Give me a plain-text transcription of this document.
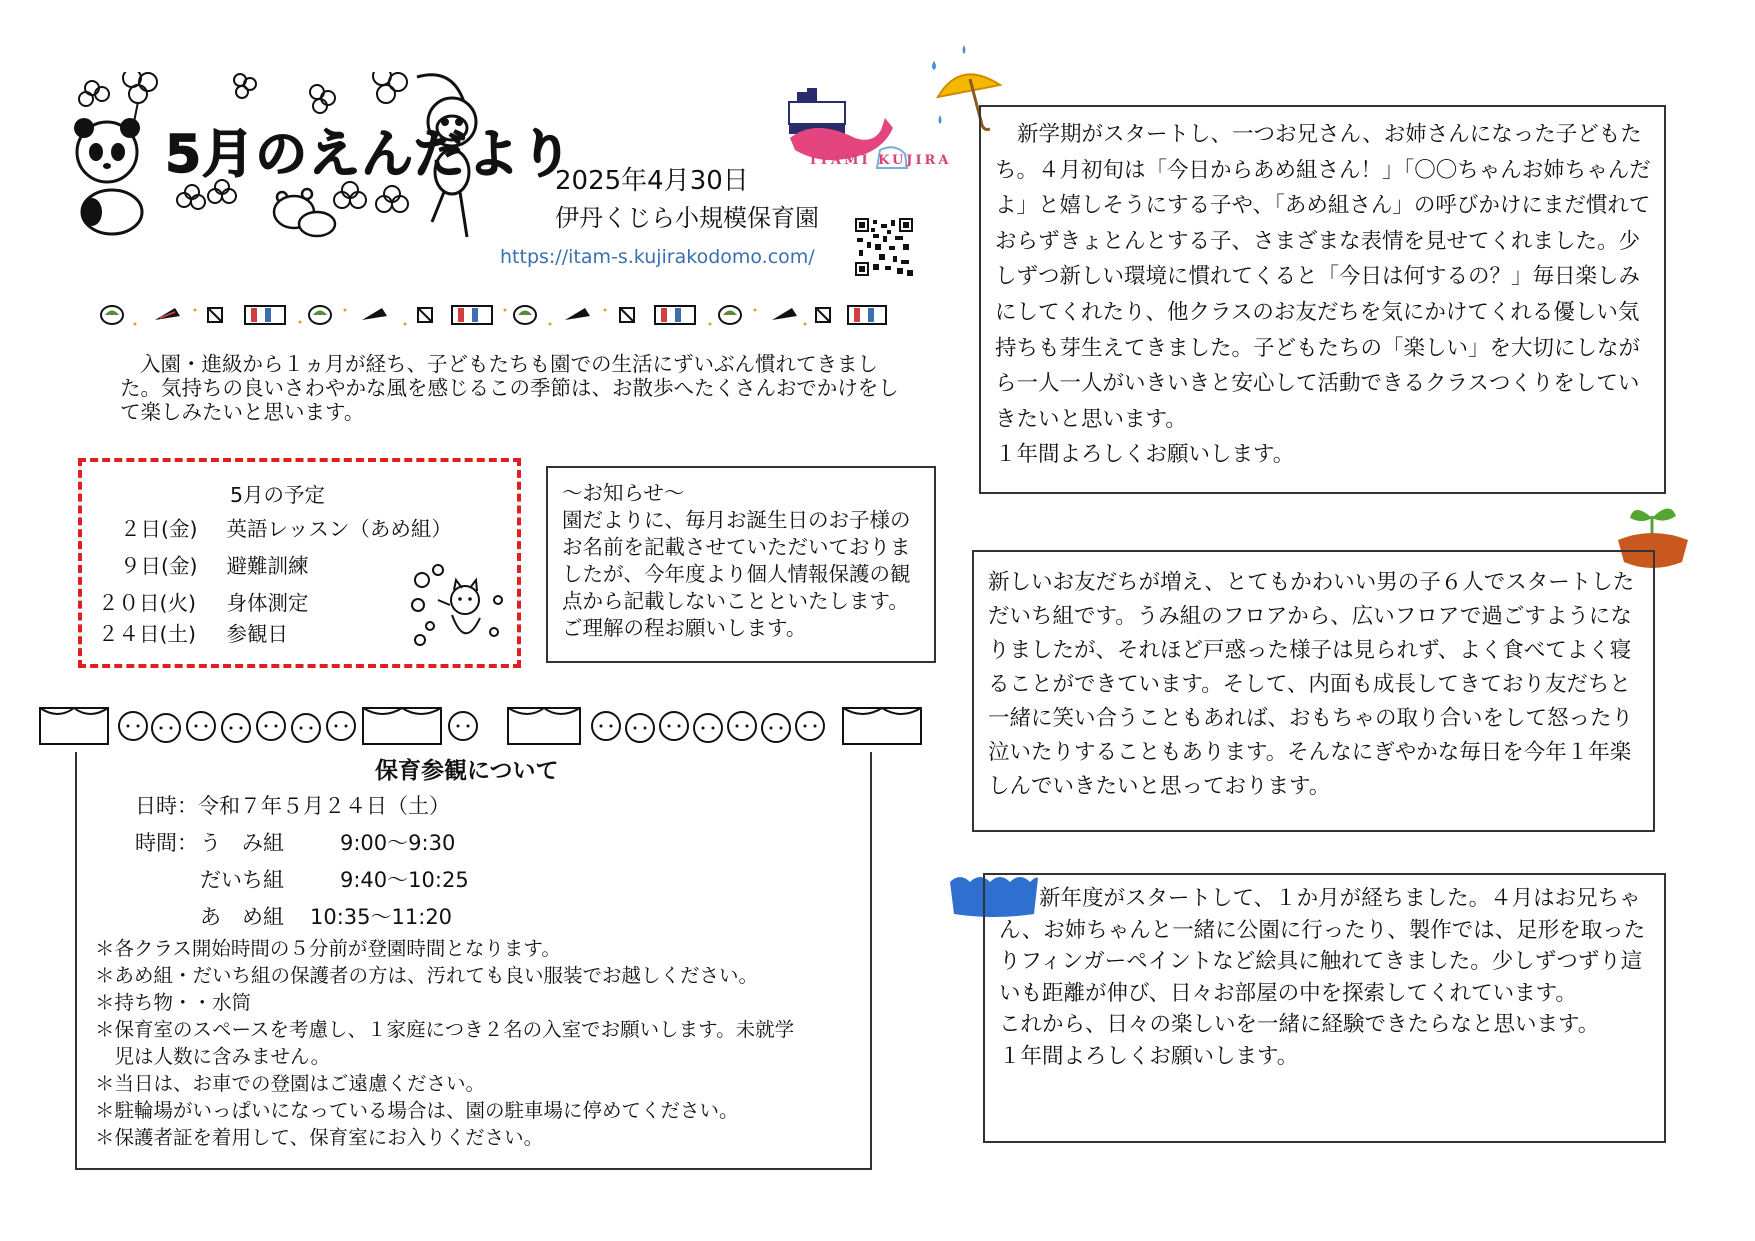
5月のえんだより
2025年4月30日
伊丹くじら小規模保育園
https://itam-s.kujirakodomo.com/
ITAMI KUJIRA
入園・進級から１ヵ月が経ち、子どもたちも園での生活にずいぶん慣れてきました。気持ちの良いさわやかな風を感じるこの季節は、お散歩へたくさんおでかけをして楽しみたいと思います。
5月の予定
２日(金) 英語レッスン（あめ組）
９日(金) 避難訓練
２０日(火) 身体測定
２４日(土) 参観日
～お知らせ～
園だよりに、毎月お誕生日のお子様のお名前を記載させていただいておりましたが、今年度より個人情報保護の観点から記載しないことといたします。ご理解の程お願いします。
保育参観について
日時：令和７年５月２４日（土）
時間：う　み組	9:00～9:30
だいち組	9:40～10:25
あ　め組 10:35～11:20
＊各クラス開始時間の５分前が登園時間となります。
＊あめ組・だいち組の保護者の方は、汚れても良い服装でお越しください。
＊持ち物・・水筒
＊保育室のスペースを考慮し、１家庭につき２名の入室でお願いします。未就学
　児は人数に含みません。
＊当日は、お車での登園はご遠慮ください。
＊駐輪場がいっぱいになっている場合は、園の駐車場に停めてください。
＊保護者証を着用して、保育室にお入りください。

新学期がスタートし、一つお兄さん、お姉さんになった子どもたち。４月初旬は「今日からあめ組さん！」「〇〇ちゃんお姉ちゃんだよ」と嬉しそうにする子や、「あめ組さん」の呼びかけにまだ慣れておらずきょとんとする子、さまざまな表情を見せてくれました。少しずつ新しい環境に慣れてくると「今日は何するの？」毎日楽しみにしてくれたり、他クラスのお友だちを気にかけてくれる優しい気持ちも芽生えてきました。子どもたちの「楽しい」を大切にしながら一人一人がいきいきと安心して活動できるクラスつくりをしていきたいと思います。

１年間よろしくお願いします。

新しいお友だちが増え、とてもかわいい男の子６人でスタートしただいち組です。うみ組のフロアから、広いフロアで過ごすようになりましたが、それほど戸惑った様子は見られず、よく食べてよく寝ることができています。そして、内面も成長してきており友だちと一緒に笑い合うこともあれば、おもちゃの取り合いをして怒ったり泣いたりすることもあります。そんなにぎやかな毎日を今年１年楽しんでいきたいと思っております。

新年度がスタートして、１か月が経ちました。４月はお兄ちゃん、お姉ちゃんと一緒に公園に行ったり、製作では、足形を取ったりフィンガーペイントなど絵具に触れてきました。少しずつずり這いも距離が伸び、日々お部屋の中を探索してくれています。

これから、日々の楽しいを一緒に経験できたらなと思います。

１年間よろしくお願いします。
